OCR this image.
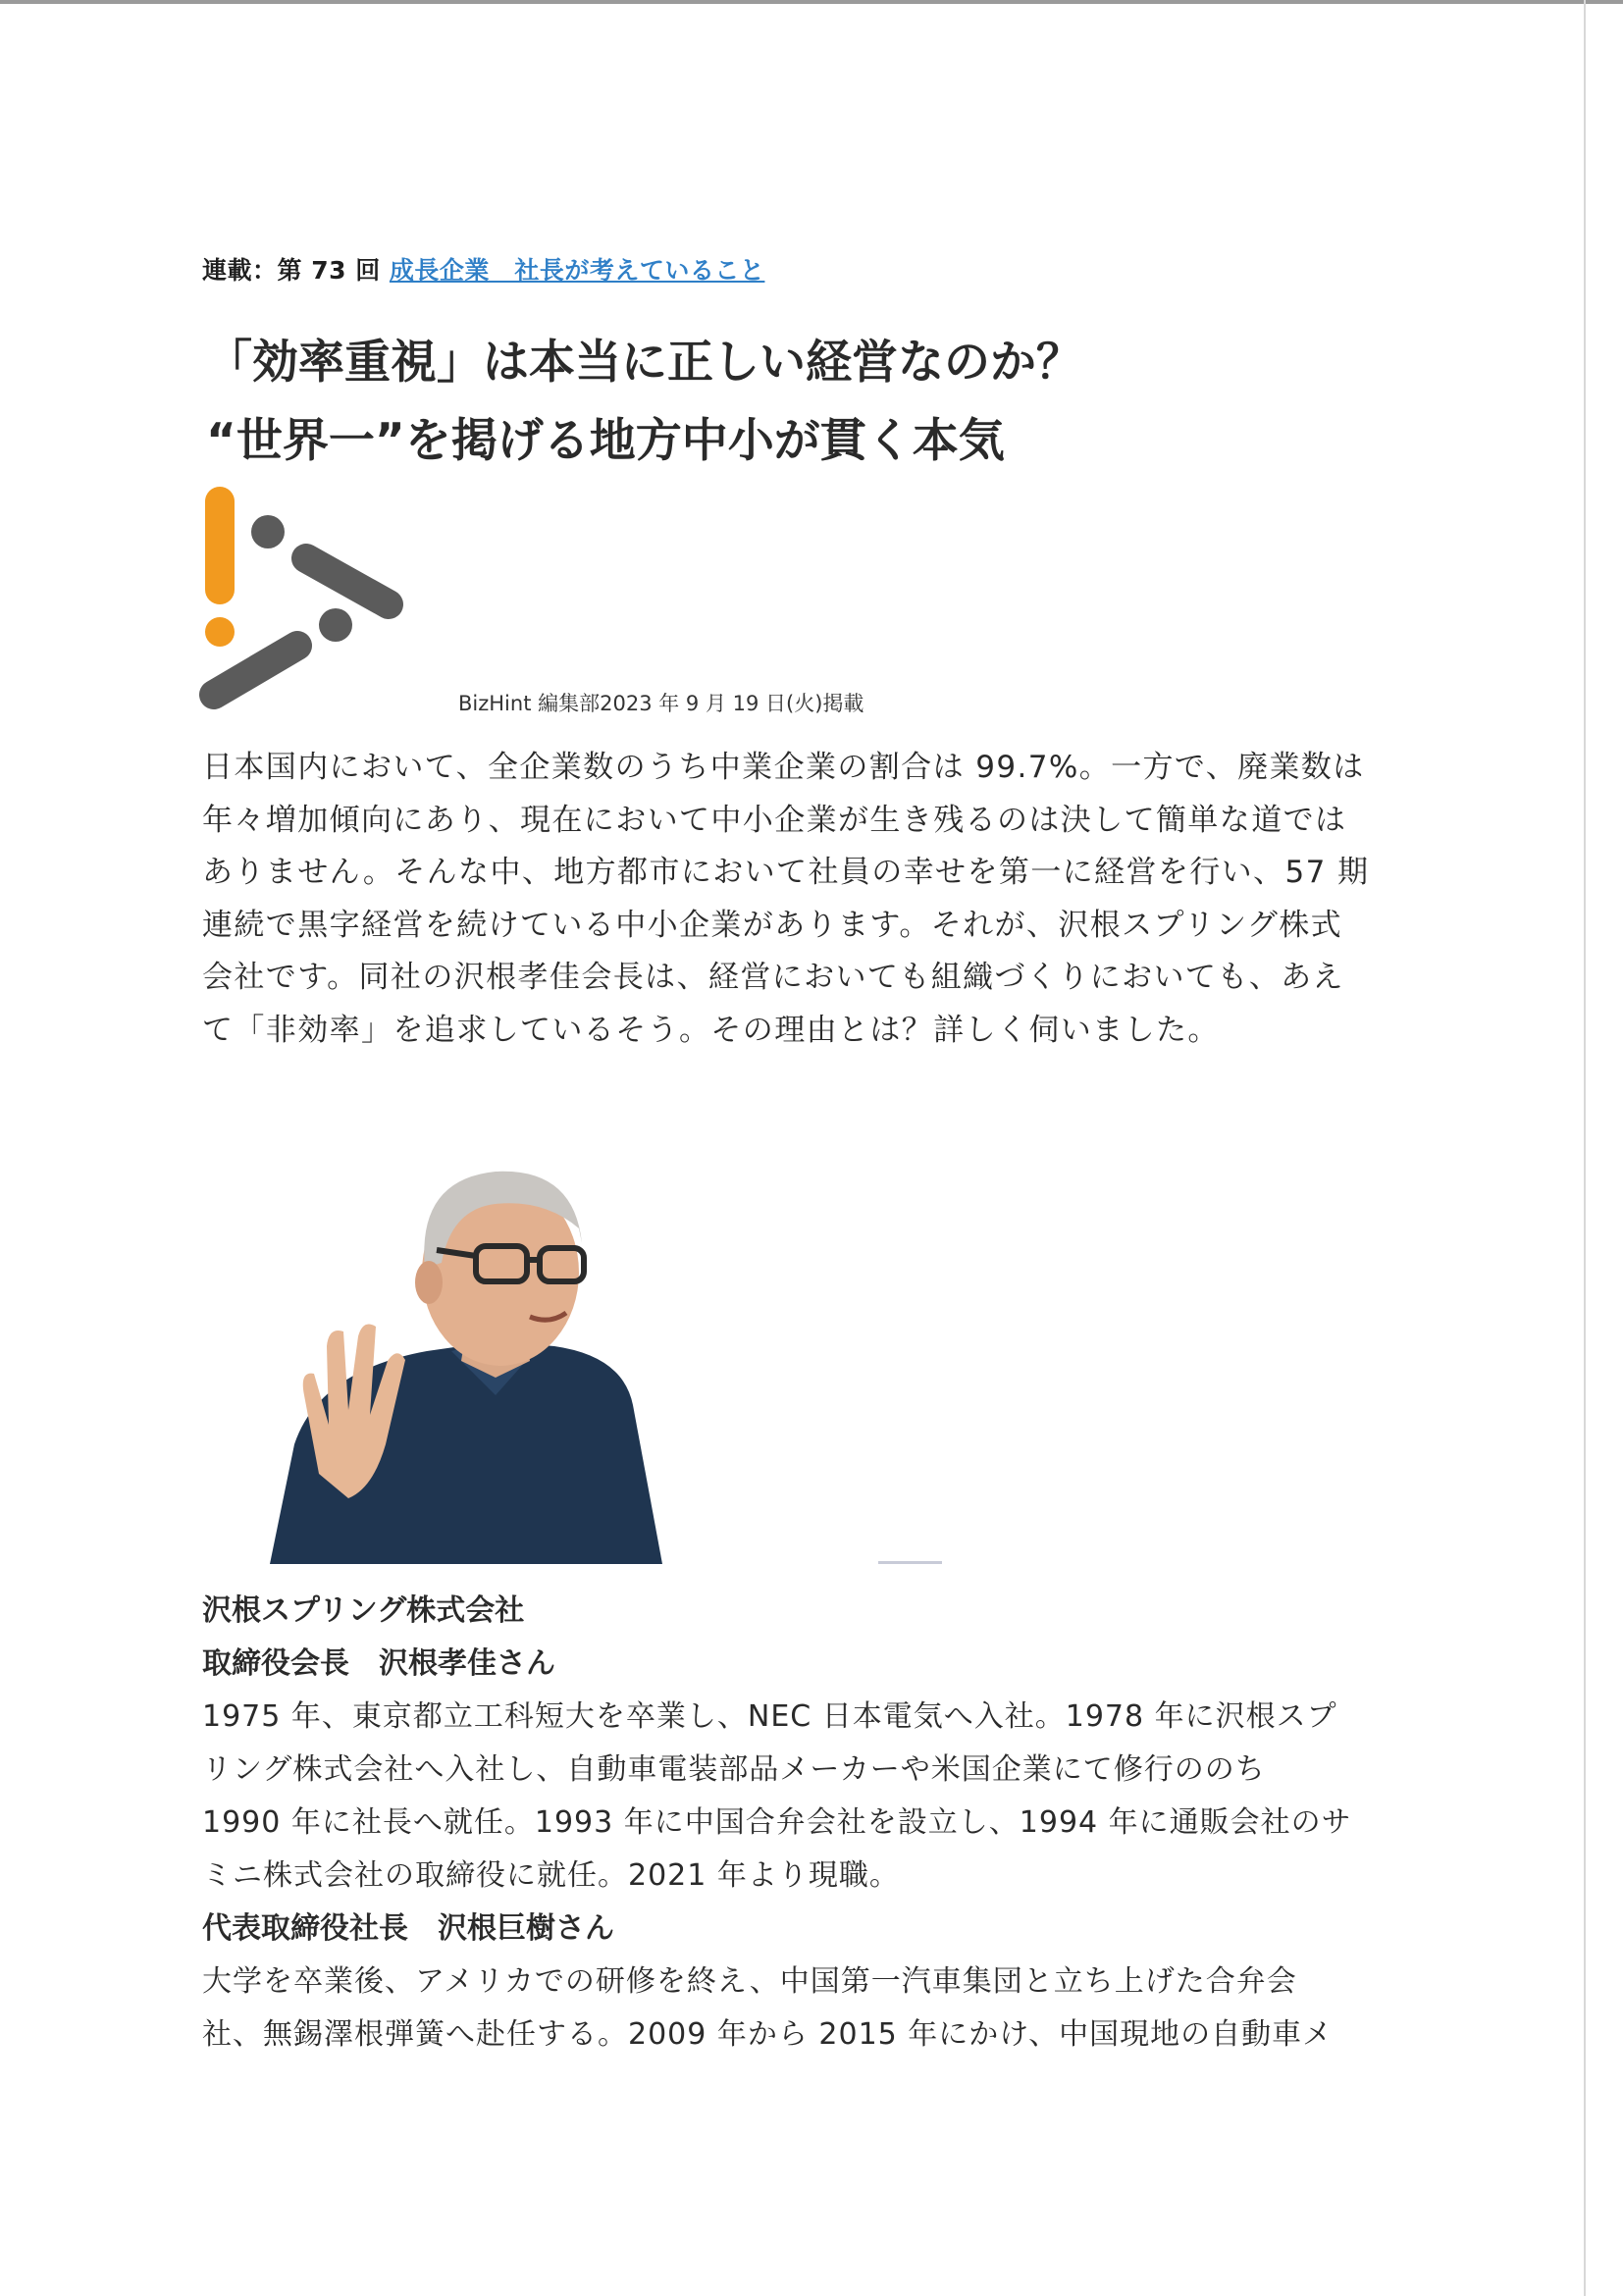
連載：第 73 回 成長企業　社長が考えていること
「効率重視」は本当に正しい経営なのか？
“世界一”を掲げる地方中小が貫く本気
BizHint 編集部2023 年 9 月 19 日(火)掲載

日本国内において、全企業数のうち中業企業の割合は 99.7%。一方で、廃業数は

年々増加傾向にあり、現在において中小企業が生き残るのは決して簡単な道では

ありません。そんな中、地方都市において社員の幸せを第一に経営を行い、57 期

連続で黒字経営を続けている中小企業があります。それが、沢根スプリング株式

会社です。同社の沢根孝佳会長は、経営においても組織づくりにおいても、あえ

て「非効率」を追求しているそう。その理由とは？詳しく伺いました。

沢根スプリング株式会社
取締役会長　沢根孝佳さん

1975 年、東京都立工科短大を卒業し、NEC 日本電気へ入社。1978 年に沢根スプ

リング株式会社へ入社し、自動車電装部品メーカーや米国企業にて修行ののち

1990 年に社長へ就任。1993 年に中国合弁会社を設立し、1994 年に通販会社のサ

ミニ株式会社の取締役に就任。2021 年より現職。

代表取締役社長　沢根巨樹さん

大学を卒業後、アメリカでの研修を終え、中国第一汽車集団と立ち上げた合弁会

社、無錫澤根弾簧へ赴任する。2009 年から 2015 年にかけ、中国現地の自動車メ
